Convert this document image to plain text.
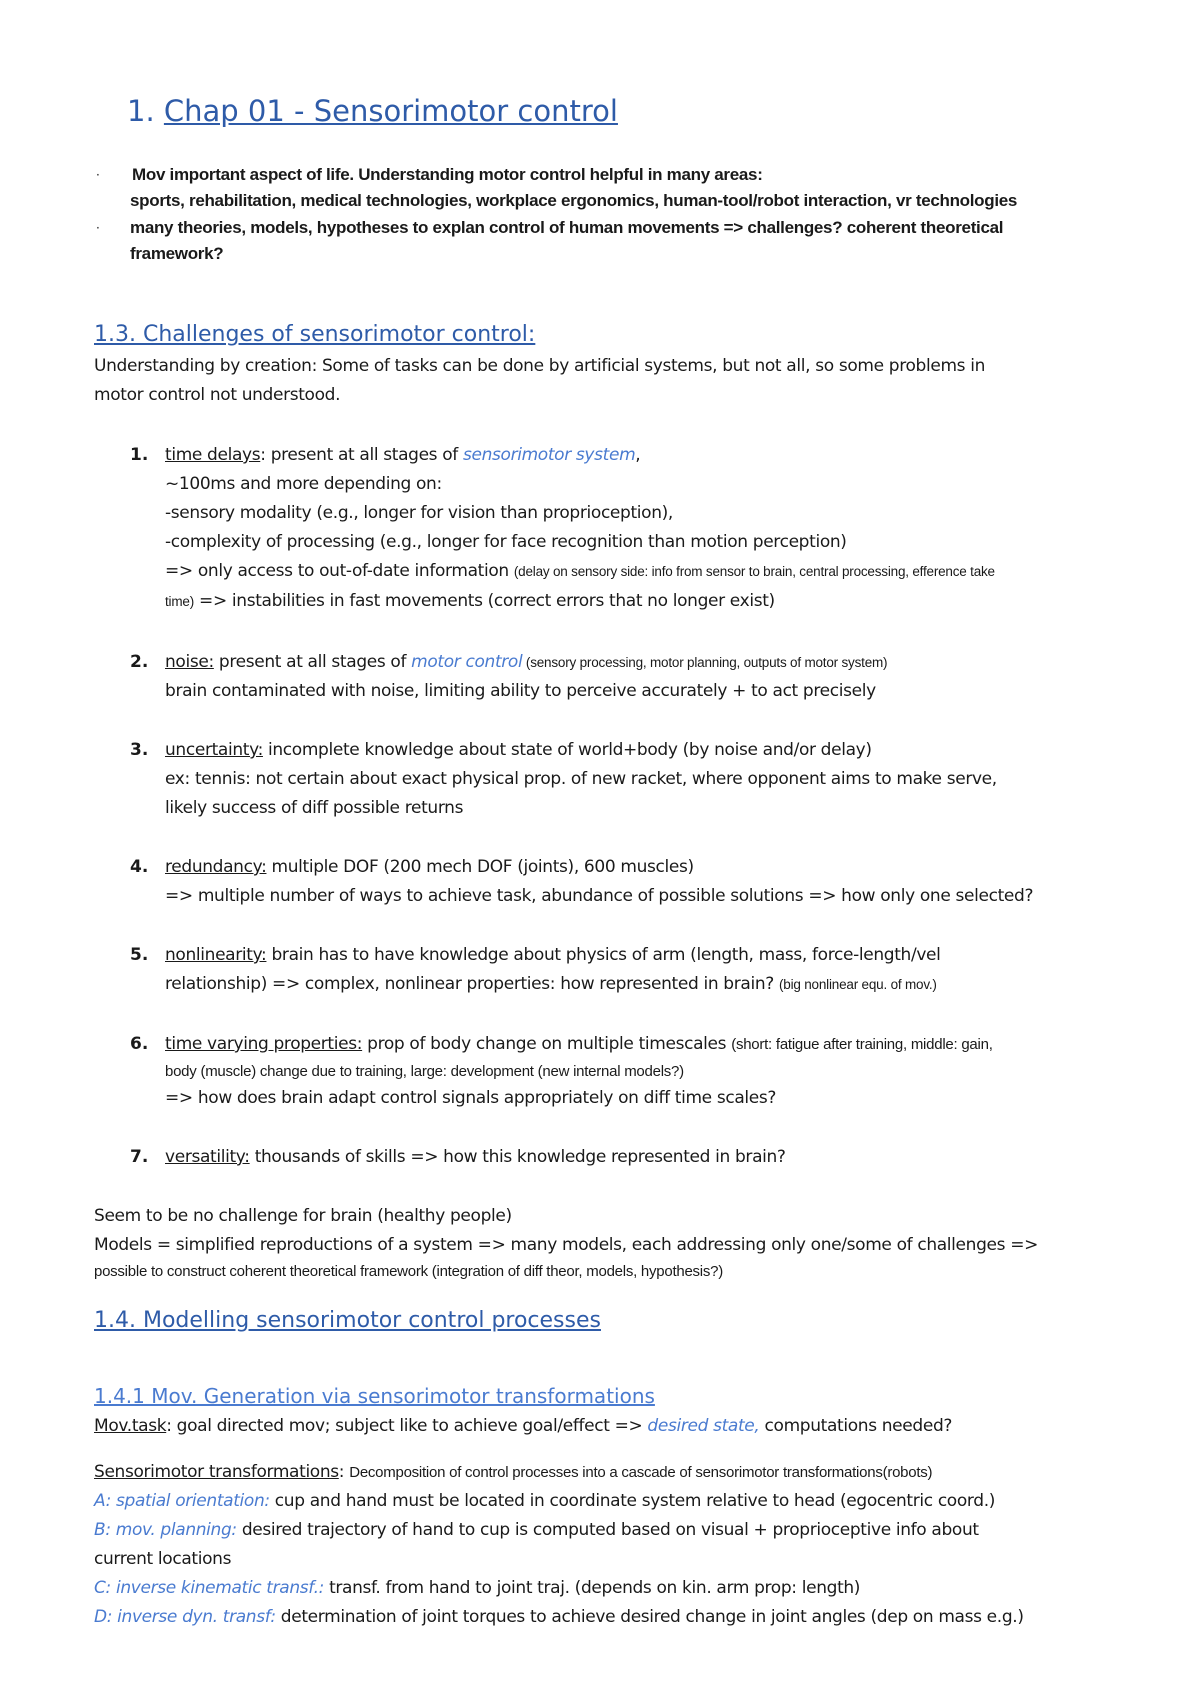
1. Chap 01 - Sensorimotor control
· Mov important aspect of life. Understanding motor control helpful in many areas:
sports, rehabilitation, medical technologies, workplace ergonomics, human-tool/robot interaction, vr technologies
· many theories, models, hypotheses to explan control of human movements => challenges? coherent theoretical
framework?
1.3. Challenges of sensorimotor control:
Understanding by creation: Some of tasks can be done by artificial systems, but not all, so some problems in
motor control not understood.
1. time delays: present at all stages of sensorimotor system,
~100ms and more depending on:
-sensory modality (e.g., longer for vision than proprioception),
-complexity of processing (e.g., longer for face recognition than motion perception)
=> only access to out-of-date information (delay on sensory side: info from sensor to brain, central processing, efference take
time) => instabilities in fast movements (correct errors that no longer exist)
2. noise: present at all stages of motor control (sensory processing, motor planning, outputs of motor system)
brain contaminated with noise, limiting ability to perceive accurately + to act precisely
3. uncertainty: incomplete knowledge about state of world+body (by noise and/or delay)
ex: tennis: not certain about exact physical prop. of new racket, where opponent aims to make serve,
likely success of diff possible returns
4. redundancy: multiple DOF (200 mech DOF (joints), 600 muscles)
=> multiple number of ways to achieve task, abundance of possible solutions => how only one selected?
5. nonlinearity: brain has to have knowledge about physics of arm (length, mass, force-length/vel
relationship) => complex, nonlinear properties: how represented in brain? (big nonlinear equ. of mov.)
6. time varying properties: prop of body change on multiple timescales (short: fatigue after training, middle: gain,
body (muscle) change due to training, large: development (new internal models?)
=> how does brain adapt control signals appropriately on diff time scales?
7. versatility: thousands of skills => how this knowledge represented in brain?
Seem to be no challenge for brain (healthy people)
Models = simplified reproductions of a system => many models, each addressing only one/some of challenges =>
possible to construct coherent theoretical framework (integration of diff theor, models, hypothesis?)
1.4. Modelling sensorimotor control processes
1.4.1 Mov. Generation via sensorimotor transformations
Mov.task: goal directed mov; subject like to achieve goal/effect => desired state, computations needed?
Sensorimotor transformations: Decomposition of control processes into a cascade of sensorimotor transformations(robots)
A: spatial orientation: cup and hand must be located in coordinate system relative to head (egocentric coord.)
B: mov. planning: desired trajectory of hand to cup is computed based on visual + proprioceptive info about
current locations
C: inverse kinematic transf.: transf. from hand to joint traj. (depends on kin. arm prop: length)
D: inverse dyn. transf: determination of joint torques to achieve desired change in joint angles (dep on mass e.g.)
